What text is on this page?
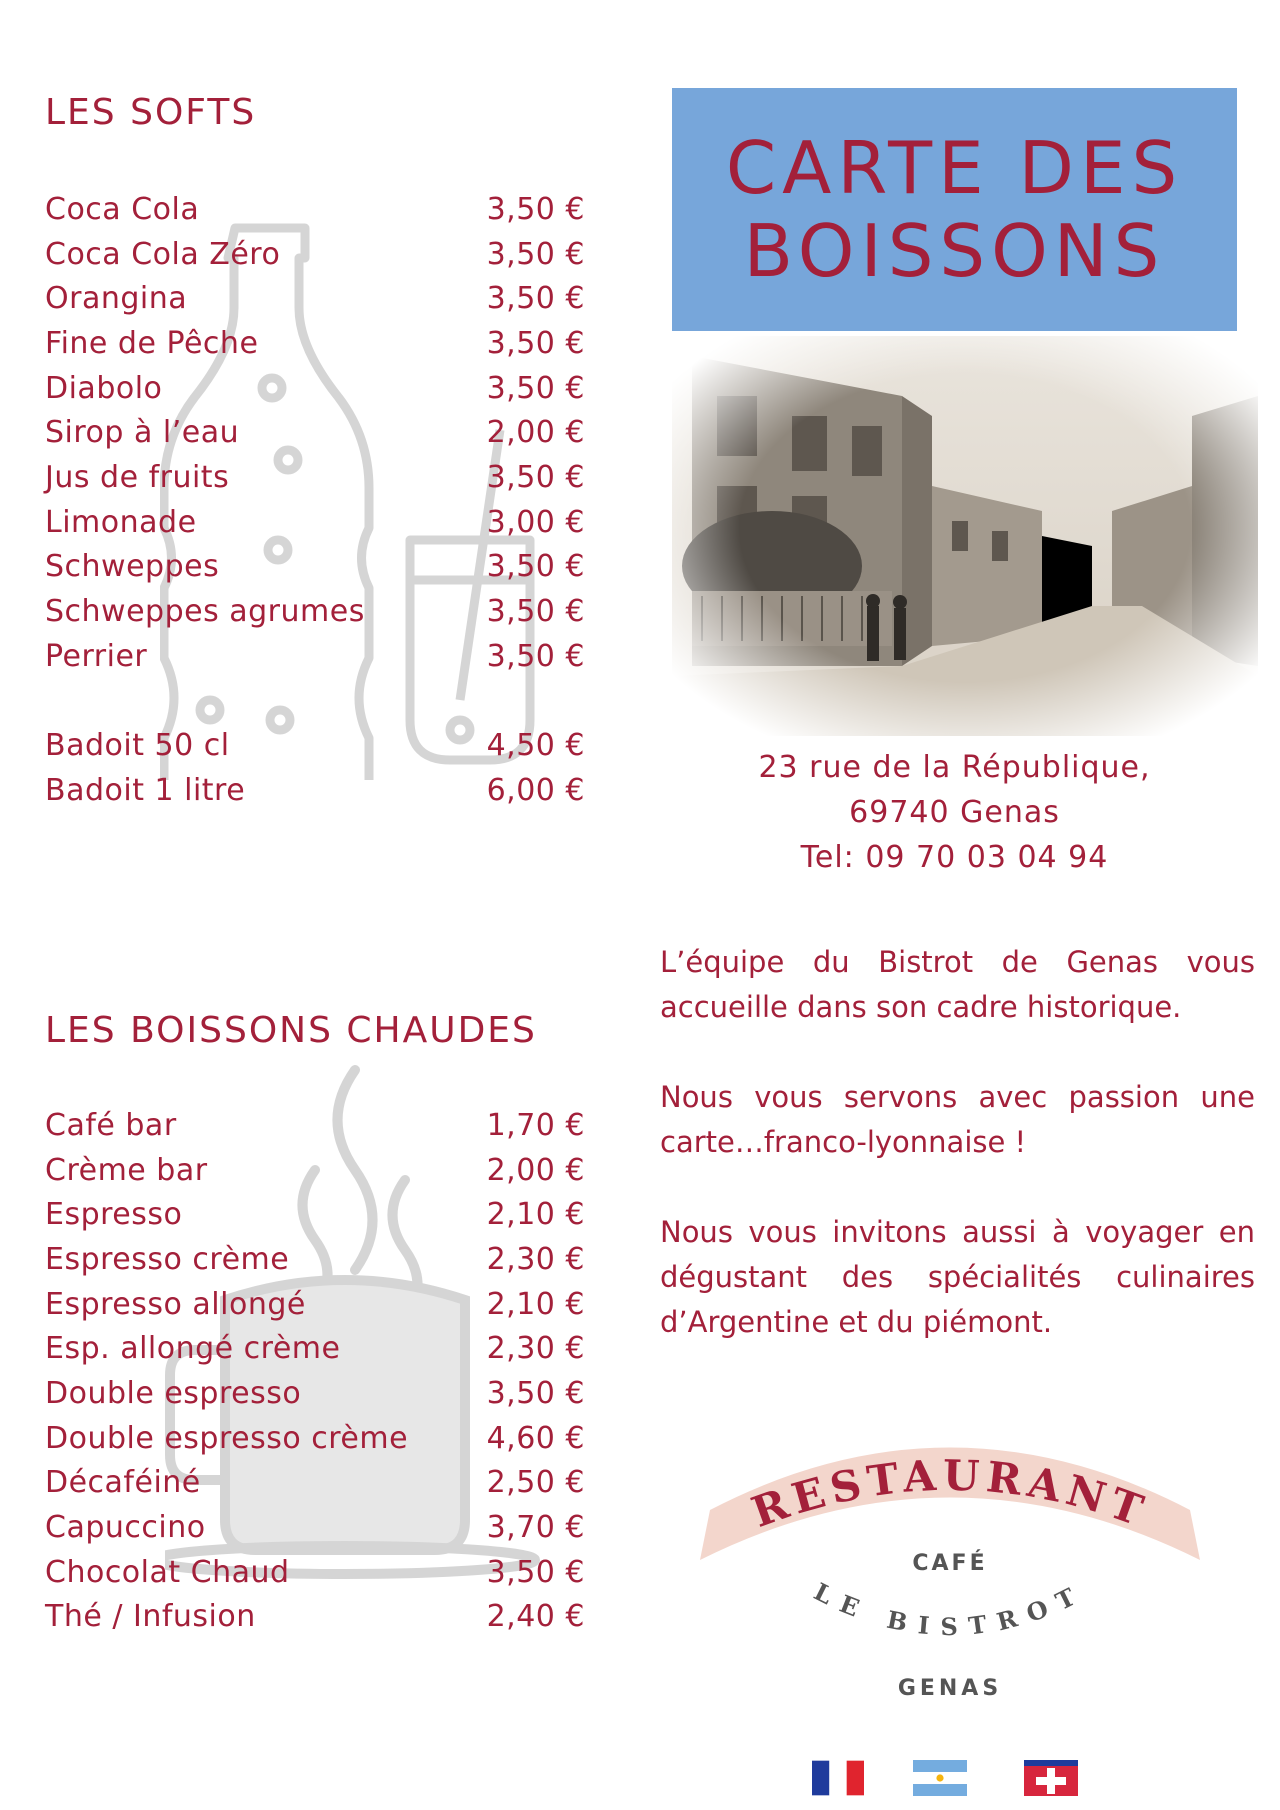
LES SOFTS
Coca Cola	3,50 €
Coca Cola Zéro	3,50 €
Orangina	3,50 €
Fine de Pêche	3,50 €
Diabolo	3,50 €
Sirop à l’eau	2,00 €
Jus de fruits	3,50 €
Limonade	3,00 €
Schweppes	3,50 €
Schweppes agrumes	3,50 €
Perrier	3,50 €
Badoit 50 cl	4,50 €
Badoit 1 litre	6,00 €
LES BOISSONS CHAUDES
Café bar	1,70 €
Crème bar	2,00 €
Espresso	2,10 €
Espresso crème	2,30 €
Espresso allongé	2,10 €
Esp. allongé crème	2,30 €
Double espresso	3,50 €
Double espresso crème	4,60 €
Décaféiné	2,50 €
Capuccino	3,70 €
Chocolat Chaud	3,50 €
Thé / Infusion	2,40 €
CARTE DES
BOISSONS
23 rue de la République,
69740 Genas
Tel: 09 70 03 04 94

L’équipe du Bistrot de Genas vous accueille dans son cadre historique.

Nous vous servons avec passion une carte…franco-lyonnaise !

Nous vous invitons aussi à voyager en dégustant des spécialités culinaires d’Argentine et du piémont.

RESTAURANT
CAFÉ
LE BISTROT
GENAS
